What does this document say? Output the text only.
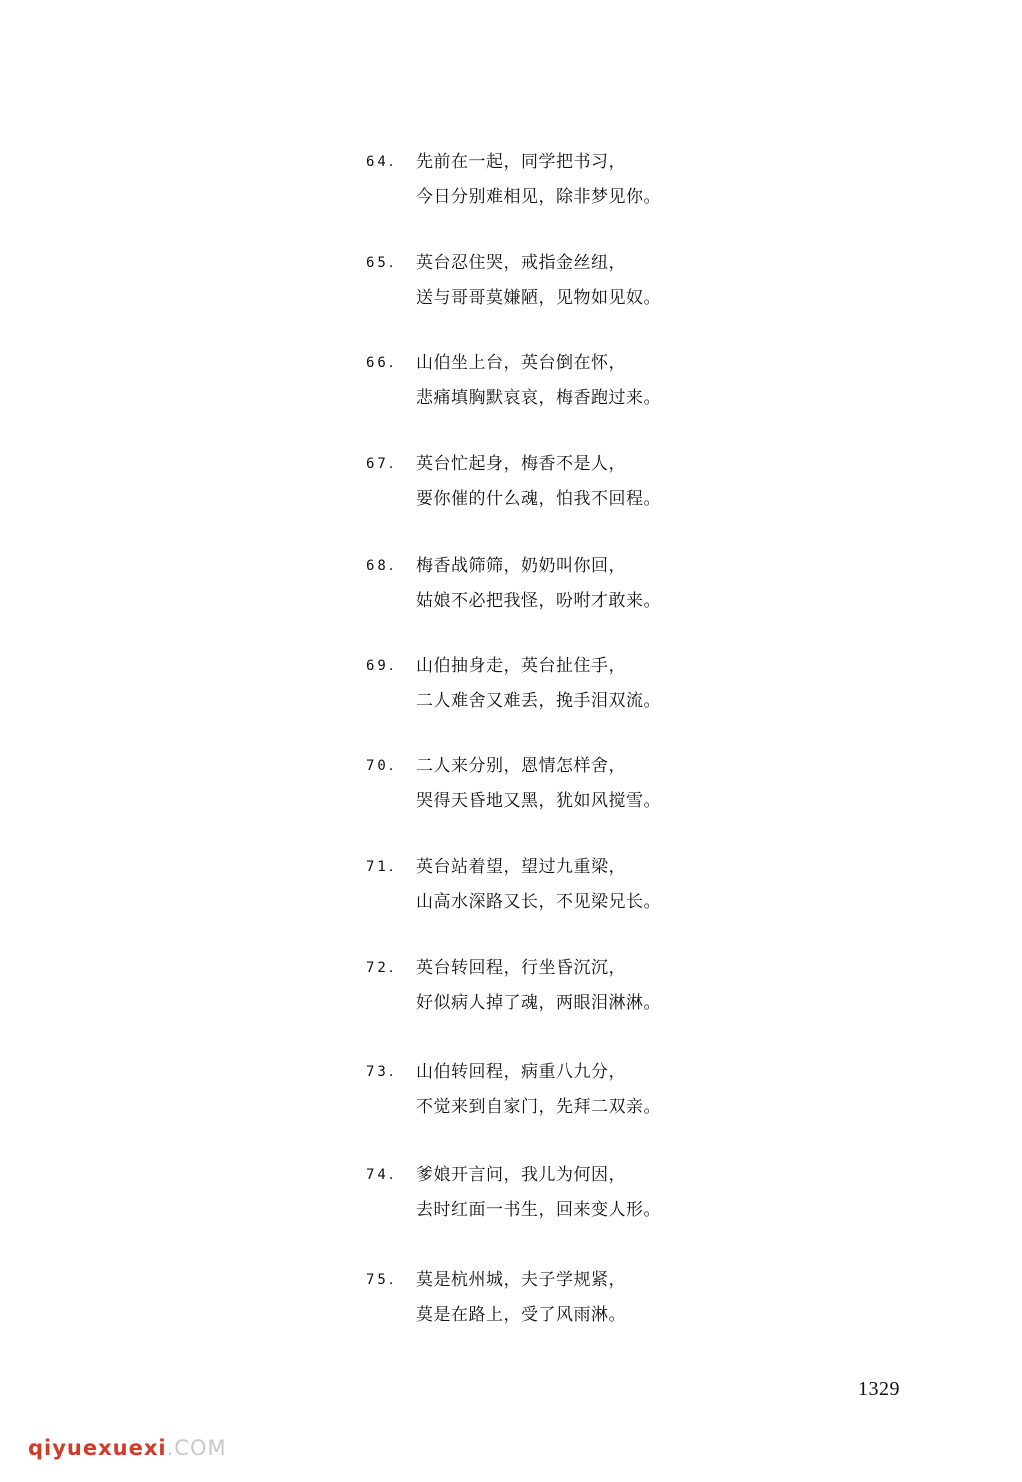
64． 先前在一起，同学把书习，
今日分别难相见，除非梦见你。
65． 英台忍住哭，戒指金丝纽，
送与哥哥莫嫌陋，见物如见奴。
66． 山伯坐上台，英台倒在怀，
悲痛填胸默哀哀，梅香跑过来。
67． 英台忙起身，梅香不是人，
要你催的什么魂，怕我不回程。
68． 梅香战筛筛，奶奶叫你回，
姑娘不必把我怪，吩咐才敢来。
69． 山伯抽身走，英台扯住手，
二人难舍又难丢，挽手泪双流。
70． 二人来分别，恩情怎样舍，
哭得天昏地又黑，犹如风搅雪。
71． 英台站着望，望过九重梁，
山高水深路又长，不见梁兄长。
72． 英台转回程，行坐昏沉沉，
好似病人掉了魂，两眼泪淋淋。
73． 山伯转回程，病重八九分，
不觉来到自家门，先拜二双亲。
74． 爹娘开言问，我儿为何因，
去时红面一书生，回来变人形。
75． 莫是杭州城，夫子学规紧，
莫是在路上，受了风雨淋。
1329
qiyuexuexi.COM
